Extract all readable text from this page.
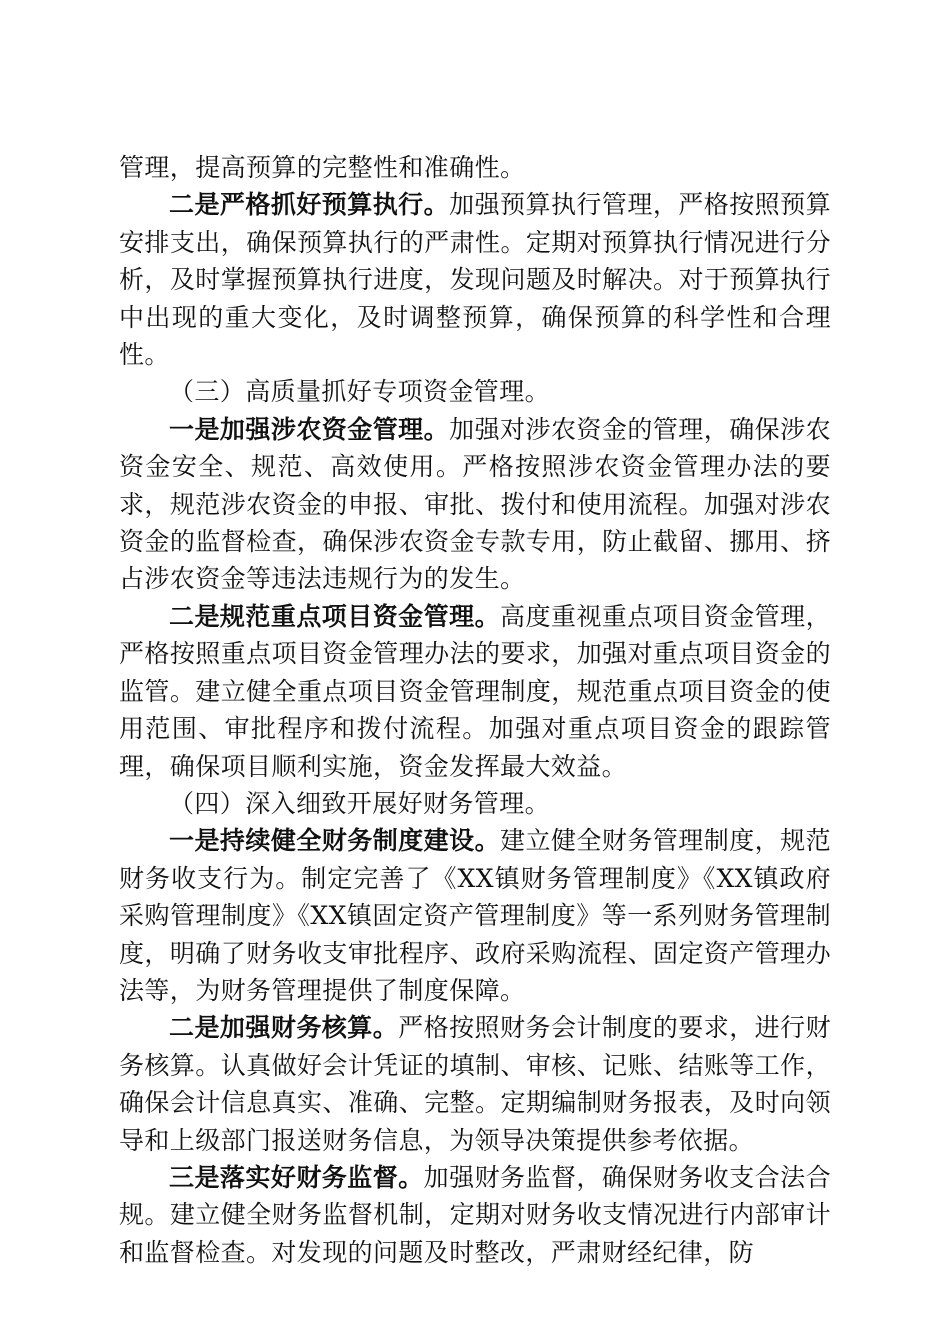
管理，提高预算的完整性和准确性。

二是严格抓好预算执行。加强预算执行管理，严格按照预算安排支出，确保预算执行的严肃性。定期对预算执行情况进行分析，及时掌握预算执行进度，发现问题及时解决。对于预算执行中出现的重大变化，及时调整预算，确保预算的科学性和合理性。

（三）高质量抓好专项资金管理。

一是加强涉农资金管理。加强对涉农资金的管理，确保涉农资金安全、规范、高效使用。严格按照涉农资金管理办法的要求，规范涉农资金的申报、审批、拨付和使用流程。加强对涉农资金的监督检查，确保涉农资金专款专用，防止截留、挪用、挤占涉农资金等违法违规行为的发生。

二是规范重点项目资金管理。高度重视重点项目资金管理，严格按照重点项目资金管理办法的要求，加强对重点项目资金的监管。建立健全重点项目资金管理制度，规范重点项目资金的使用范围、审批程序和拨付流程。加强对重点项目资金的跟踪管理，确保项目顺利实施，资金发挥最大效益。

（四）深入细致开展好财务管理。

一是持续健全财务制度建设。建立健全财务管理制度，规范财务收支行为。制定完善了《XX镇财务管理制度》《XX镇政府采购管理制度》《XX镇固定资产管理制度》等一系列财务管理制度，明确了财务收支审批程序、政府采购流程、固定资产管理办法等，为财务管理提供了制度保障。

二是加强财务核算。严格按照财务会计制度的要求，进行财务核算。认真做好会计凭证的填制、审核、记账、结账等工作，确保会计信息真实、准确、完整。定期编制财务报表，及时向领导和上级部门报送财务信息，为领导决策提供参考依据。

三是落实好财务监督。加强财务监督，确保财务收支合法合规。建立健全财务监督机制，定期对财务收支情况进行内部审计和监督检查。对发现的问题及时整改，严肃财经纪律，防
